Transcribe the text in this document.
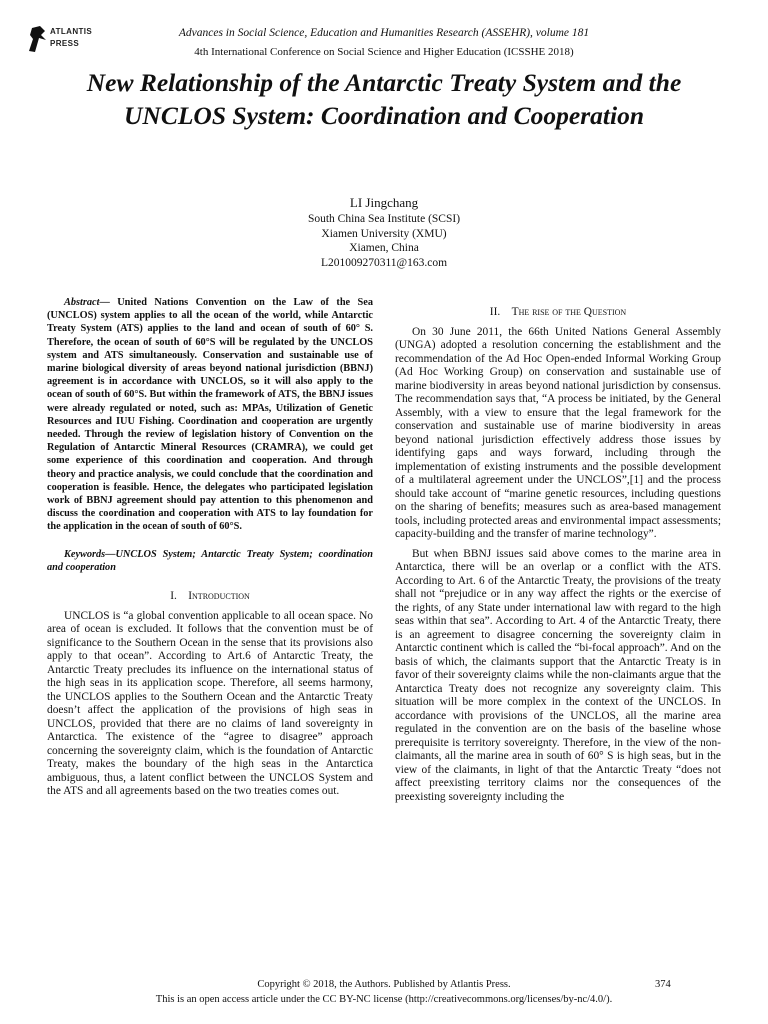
ATLANTIS
PRESS
Advances in Social Science, Education and Humanities Research (ASSEHR), volume 181
4th International Conference on Social Science and Higher Education (ICSSHE 2018)
New Relationship of the Antarctic Treaty System and the UNCLOS System: Coordination and Cooperation
LI Jingchang
South China Sea Institute (SCSI)
Xiamen University (XMU)
Xiamen, China
L201009270311@163.com

Abstract— United Nations Convention on the Law of the Sea (UNCLOS) system applies to all the ocean of the world, while Antarctic Treaty System (ATS) applies to the land and ocean of south of 60° S. Therefore, the ocean of south of 60°S will be regulated by the UNCLOS system and ATS simultaneously. Conservation and sustainable use of marine biological diversity of areas beyond national jurisdiction (BBNJ) agreement is in accordance with UNCLOS, so it will also apply to the ocean of south of 60°S. But within the framework of ATS, the BBNJ issues were already regulated or noted, such as: MPAs, Utilization of Genetic Resources and IUU Fishing. Coordination and cooperation are urgently needed. Through the review of legislation history of Convention on the Regulation of Antarctic Mineral Resources (CRAMRA), we could get some experience of this coordination and cooperation. And through theory and practice analysis, we could conclude that the coordination and cooperation is feasible. Hence, the delegates who participated legislation work of BBNJ agreement should pay attention to this phenomenon and discuss the coordination and cooperation with ATS to lay foundation for the application in the ocean of south of 60°S.

Keywords—UNCLOS System; Antarctic Treaty System; coordination and cooperation

I. Introduction

UNCLOS is “a global convention applicable to all ocean space. No area of ocean is excluded. It follows that the convention must be of significance to the Southern Ocean in the sense that its provisions also apply to that ocean”. According to Art.6 of Antarctic Treaty, the Antarctic Treaty precludes its influence on the international status of the high seas in its application scope. Therefore, all seems harmony, the UNCLOS applies to the Southern Ocean and the Antarctic Treaty doesn’t affect the application of the provisions of high seas in UNCLOS, provided that there are no claims of land sovereignty in Antarctica. The existence of the “agree to disagree” approach concerning the sovereignty claim, which is the foundation of Antarctic Treaty, makes the boundary of the high seas in the Antarctica ambiguous, thus, a latent conflict between the UNCLOS System and the ATS and all agreements based on the two treaties comes out.

II. The rise of the Question

On 30 June 2011, the 66th United Nations General Assembly (UNGA) adopted a resolution concerning the establishment and the recommendation of the Ad Hoc Open-ended Informal Working Group (Ad Hoc Working Group) on conservation and sustainable use of marine biodiversity in areas beyond national jurisdiction by consensus. The recommendation says that, “A process be initiated, by the General Assembly, with a view to ensure that the legal framework for the conservation and sustainable use of marine biodiversity in areas beyond national jurisdiction effectively address those issues by identifying gaps and ways forward, including through the implementation of existing instruments and the possible development of a multilateral agreement under the UNCLOS”,[1] and the process should take account of “marine genetic resources, including questions on the sharing of benefits; measures such as area-based management tools, including protected areas and environmental impact assessments; capacity-building and the transfer of marine technology”.

But when BBNJ issues said above comes to the marine area in Antarctica, there will be an overlap or a conflict with the ATS. According to Art. 6 of the Antarctic Treaty, the provisions of the treaty shall not “prejudice or in any way affect the rights or the exercise of the rights, of any State under international law with regard to the high seas within that sea”. According to Art. 4 of the Antarctic Treaty, there is an agreement to disagree concerning the sovereignty claim in Antarctic continent which is called the “bi-focal approach”. And on the basis of which, the claimants support that the Antarctic Treaty is in favor of their sovereignty claims while the non-claimants argue that the Antarctica Treaty does not recognize any sovereignty claim. This situation will be more complex in the context of the UNCLOS. In accordance with provisions of the UNCLOS, all the marine area regulated in the convention are on the basis of the baseline whose prerequisite is territory sovereignty. Therefore, in the view of the non-claimants, all the marine area in south of 60° S is high seas, but in the view of the claimants, in light of that the Antarctic Treaty “does not affect preexisting territory claims nor the consequences of the preexisting sovereignty including the

Copyright © 2018, the Authors. Published by Atlantis Press.	374
This is an open access article under the CC BY-NC license (http://creativecommons.org/licenses/by-nc/4.0/).
